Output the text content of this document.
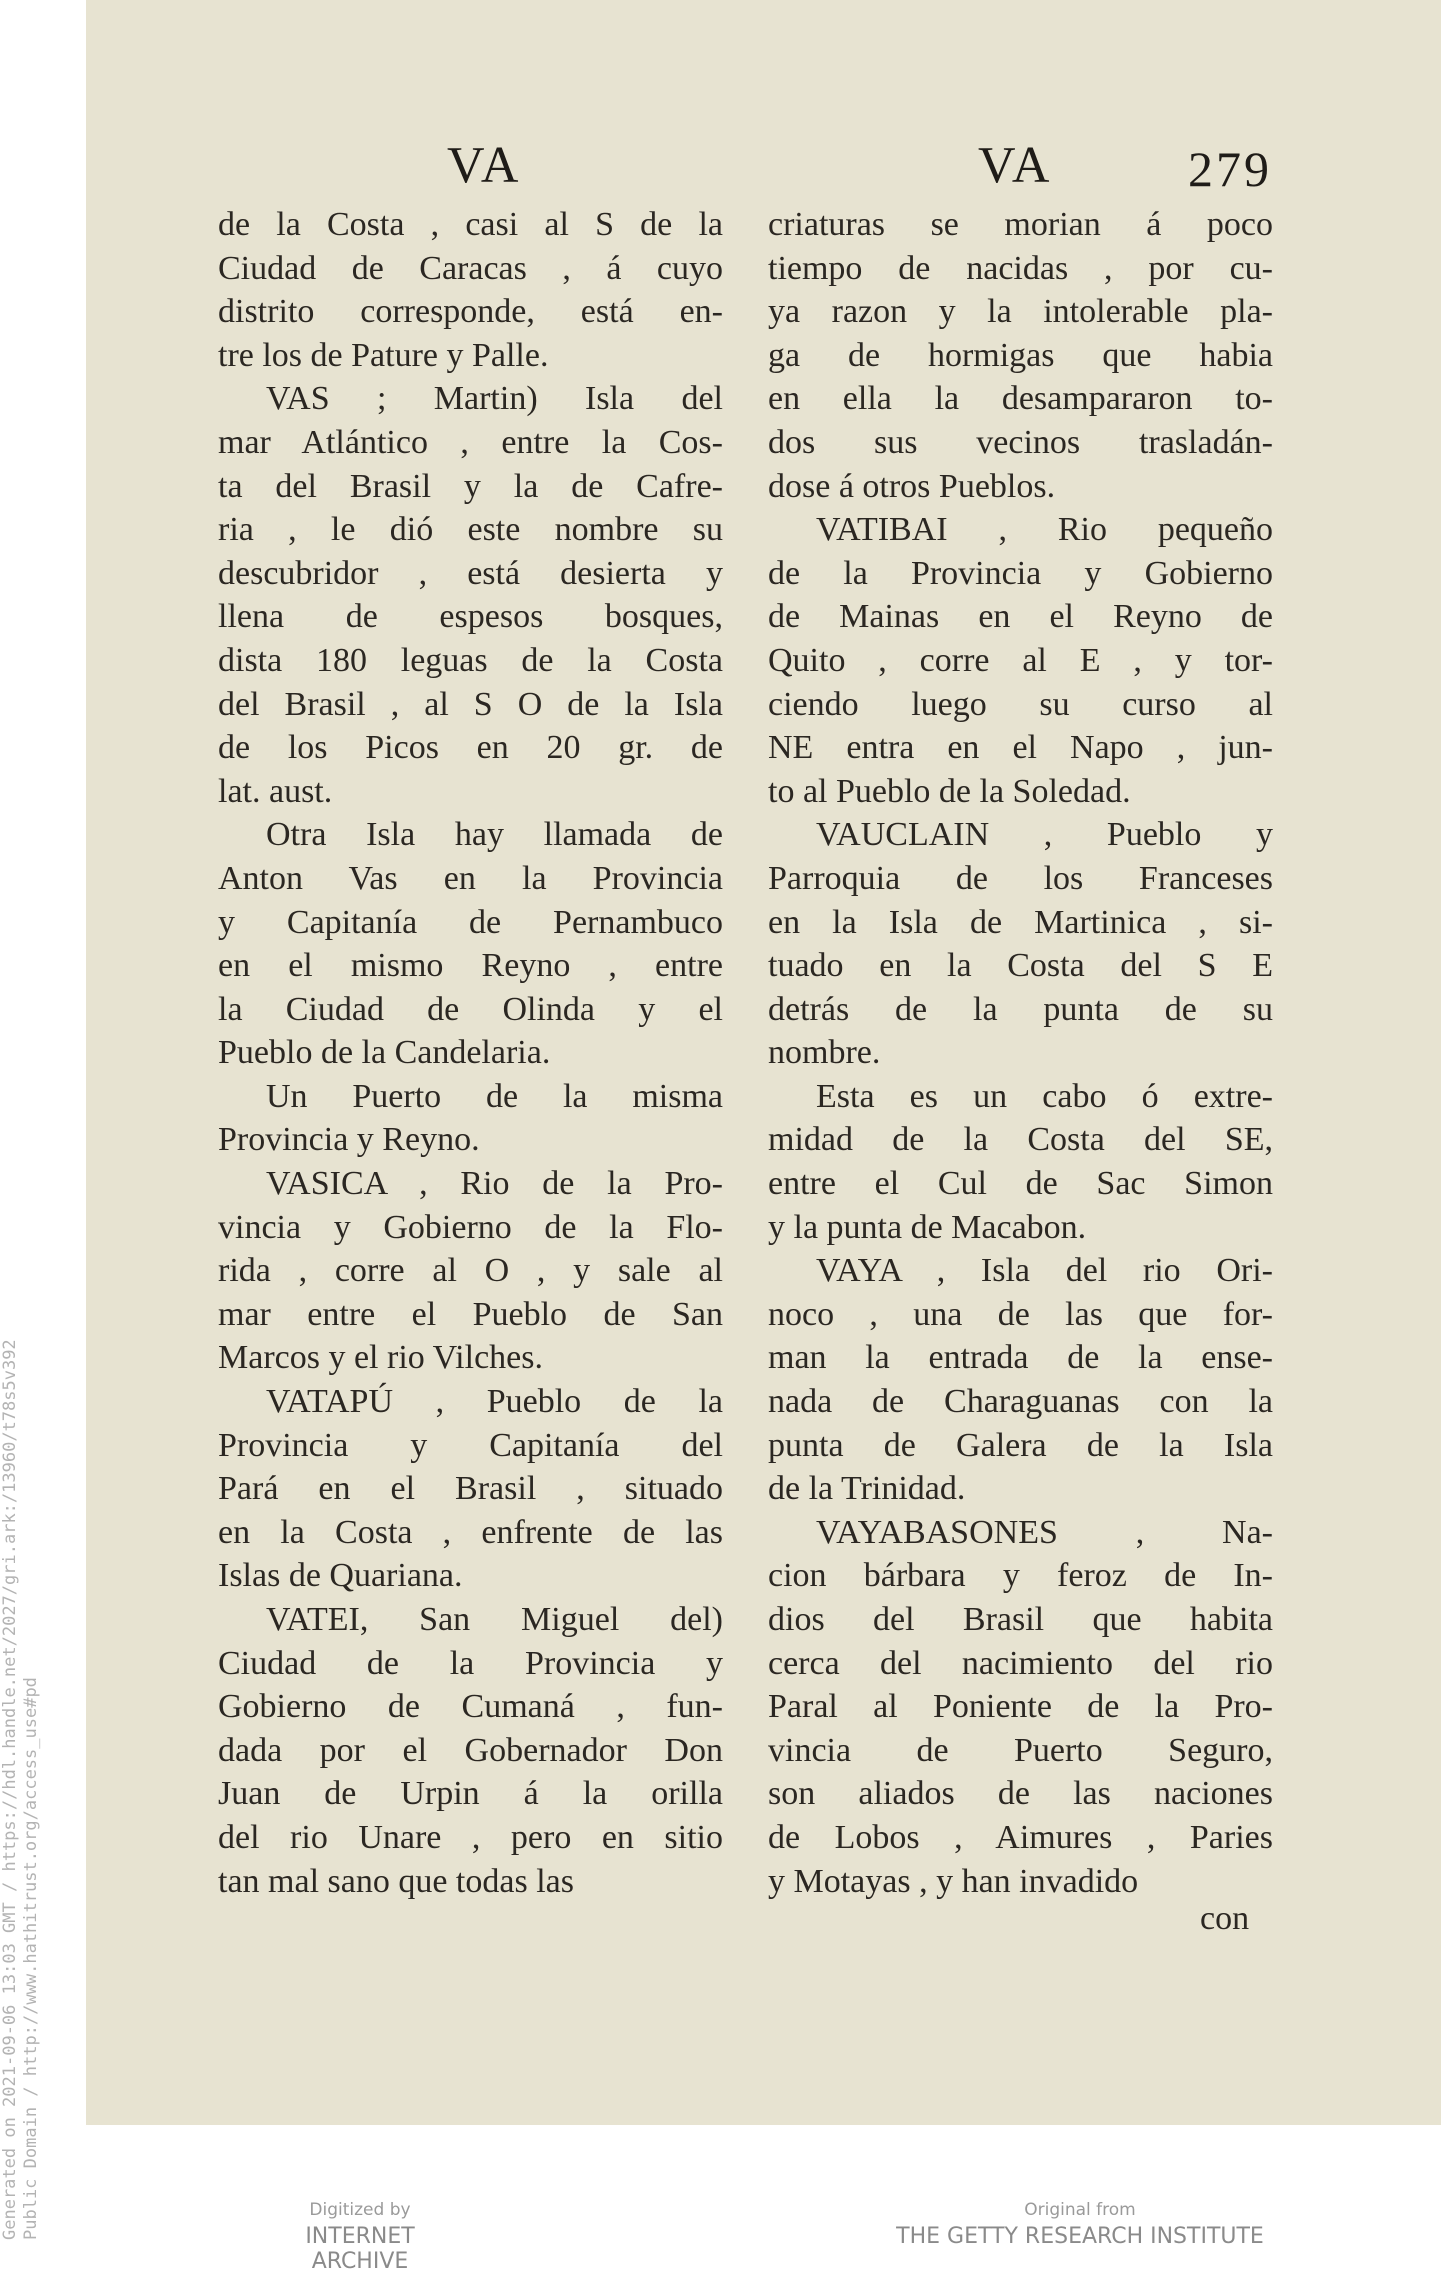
Generated on 2021-09-06 13:03 GMT / https://hdl.handle.net/2027/gri.ark:/13960/t78s5v392 Public Domain / http://www.hathitrust.org/access_use#pd
VA	VA	279

de la Costa , casi al S de la
Ciudad de Caracas , á cuyo
distrito corresponde, está en-
tre los de Pature y Palle.

VAS ; Martin) Isla del
mar Atlántico , entre la Cos-
ta del Brasil y la de Cafre-
ria , le dió este nombre su
descubridor , está desierta y
llena de espesos bosques,
dista 180 leguas de la Costa
del Brasil , al S O de la Isla
de los Picos en 20 gr. de
lat. aust.

Otra Isla hay llamada de
Anton Vas en la Provincia
y Capitanía de Pernambuco
en el mismo Reyno , entre
la Ciudad de Olinda y el
Pueblo de la Candelaria.

Un Puerto de la misma
Provincia y Reyno.

VASICA , Rio de la Pro-
vincia y Gobierno de la Flo-
rida , corre al O , y sale al
mar entre el Pueblo de San
Marcos y el rio Vilches.

VATAPÚ , Pueblo de la
Provincia y Capitanía del
Pará en el Brasil , situado
en la Costa , enfrente de las
Islas de Quariana.

VATEI, San Miguel del)
Ciudad de la Provincia y
Gobierno de Cumaná , fun-
dada por el Gobernador Don
Juan de Urpin á la orilla
del rio Unare , pero en sitio
tan mal sano que todas las

criaturas se morian á poco
tiempo de nacidas , por cu-
ya razon y la intolerable pla-
ga de hormigas que habia
en ella la desampararon to-
dos sus vecinos trasladán-
dose á otros Pueblos.

VATIBAI , Rio pequeño
de la Provincia y Gobierno
de Mainas en el Reyno de
Quito , corre al E , y tor-
ciendo luego su curso al
NE entra en el Napo , jun-
to al Pueblo de la Soledad.

VAUCLAIN , Pueblo y
Parroquia de los Franceses
en la Isla de Martinica , si-
tuado en la Costa del S E
detrás de la punta de su
nombre.

Esta es un cabo ó extre-
midad de la Costa del SE,
entre el Cul de Sac Simon
y la punta de Macabon.

VAYA , Isla del rio Ori-
noco , una de las que for-
man la entrada de la ense-
nada de Charaguanas con la
punta de Galera de la Isla
de la Trinidad.

VAYABASONES , Na-
cion bárbara y feroz de In-
dios del Brasil que habita
cerca del nacimiento del rio
Paral al Poniente de la Pro-
vincia de Puerto Seguro,
son aliados de las naciones
de Lobos , Aimures , Paries
y Motayas , y han invadido

con
Digitized by
INTERNET ARCHIVE
Original from
THE GETTY RESEARCH INSTITUTE
